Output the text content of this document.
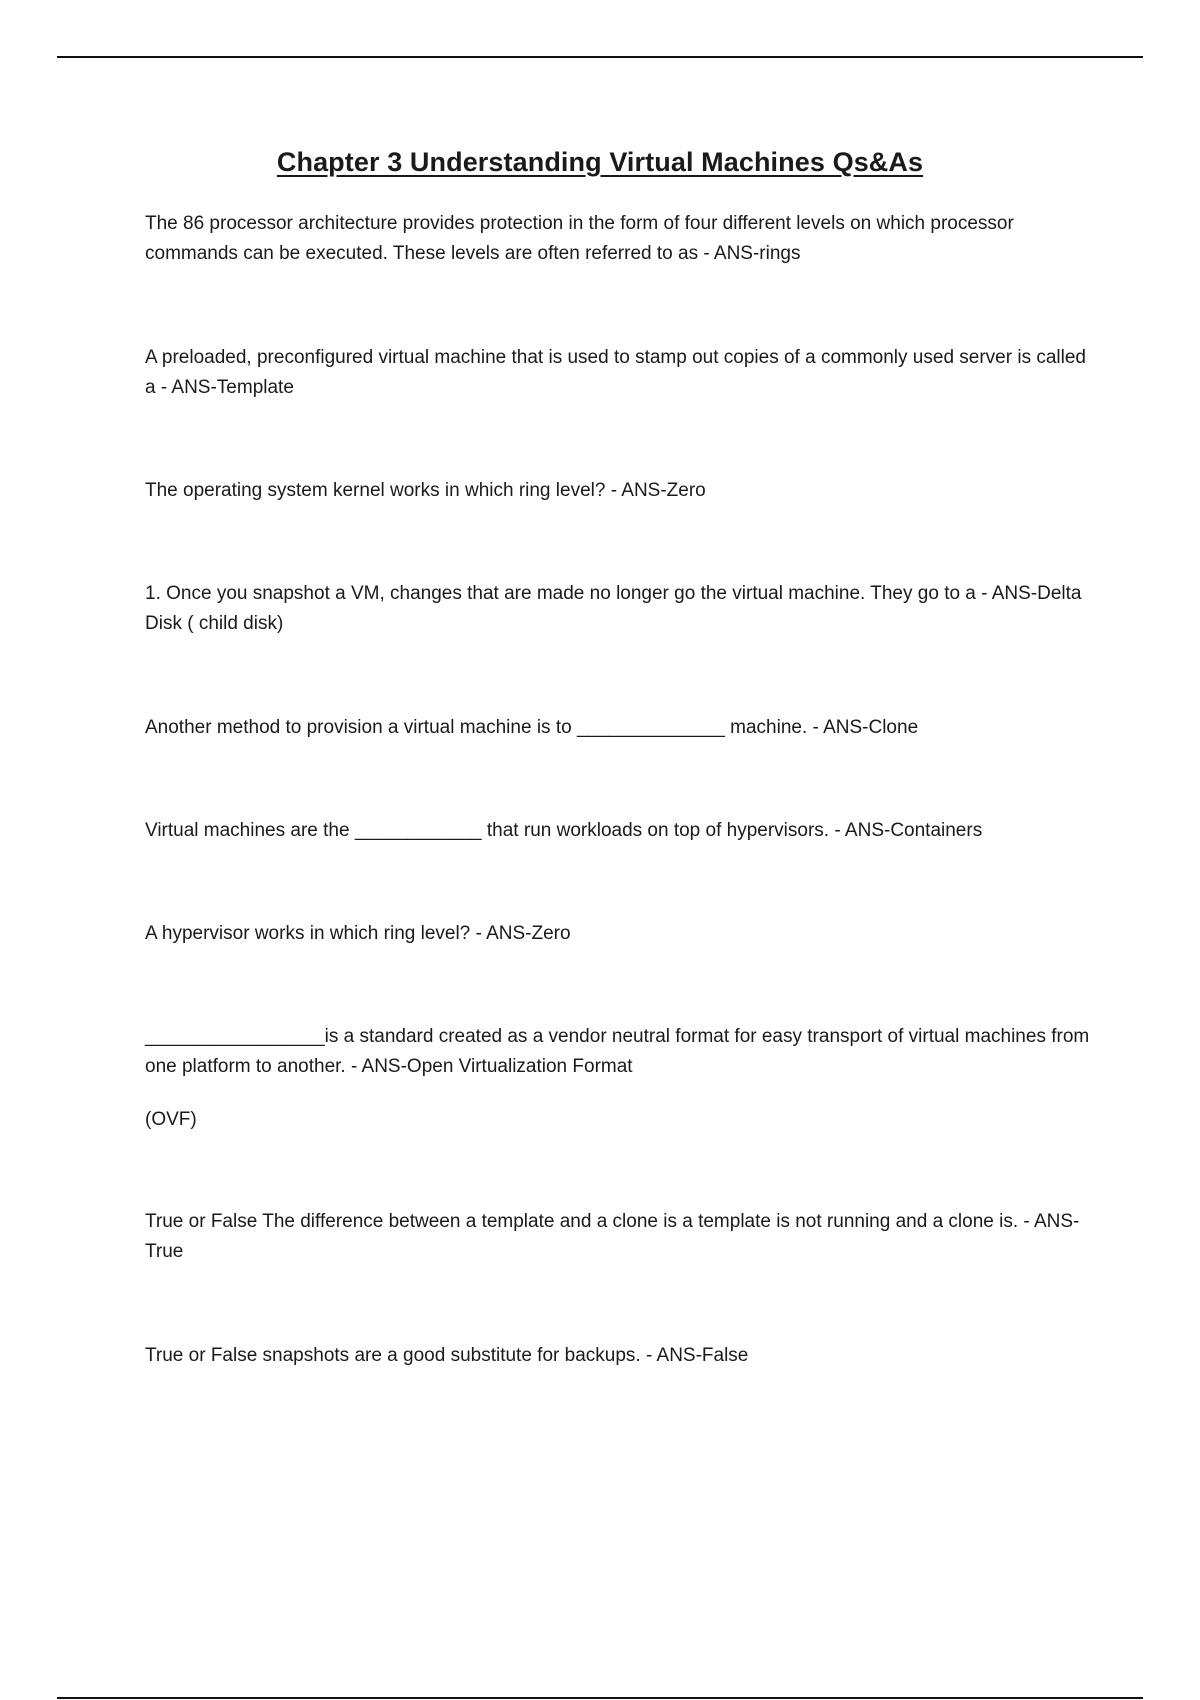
Chapter 3 Understanding Virtual Machines Qs&As

The 86 processor architecture provides protection in the form of four different levels on which processor commands can be executed. These levels are often referred to as - ANS-rings

A preloaded, preconfigured virtual machine that is used to stamp out copies of a commonly used server is called a - ANS-Template

The operating system kernel works in which ring level? - ANS-Zero

1. Once you snapshot a VM, changes that are made no longer go the virtual machine. They go to a - ANS-Delta Disk ( child disk)

Another method to provision a virtual machine is to ______________ machine. - ANS-Clone

Virtual machines are the ____________ that run workloads on top of hypervisors. - ANS-Containers

A hypervisor works in which ring level? - ANS-Zero

_________________is a standard created as a vendor neutral format for easy transport of virtual machines from one platform to another. - ANS-Open Virtualization Format

(OVF)

True or False The difference between a template and a clone is a template is not running and a clone is. - ANS-True

True or False snapshots are a good substitute for backups. - ANS-False
